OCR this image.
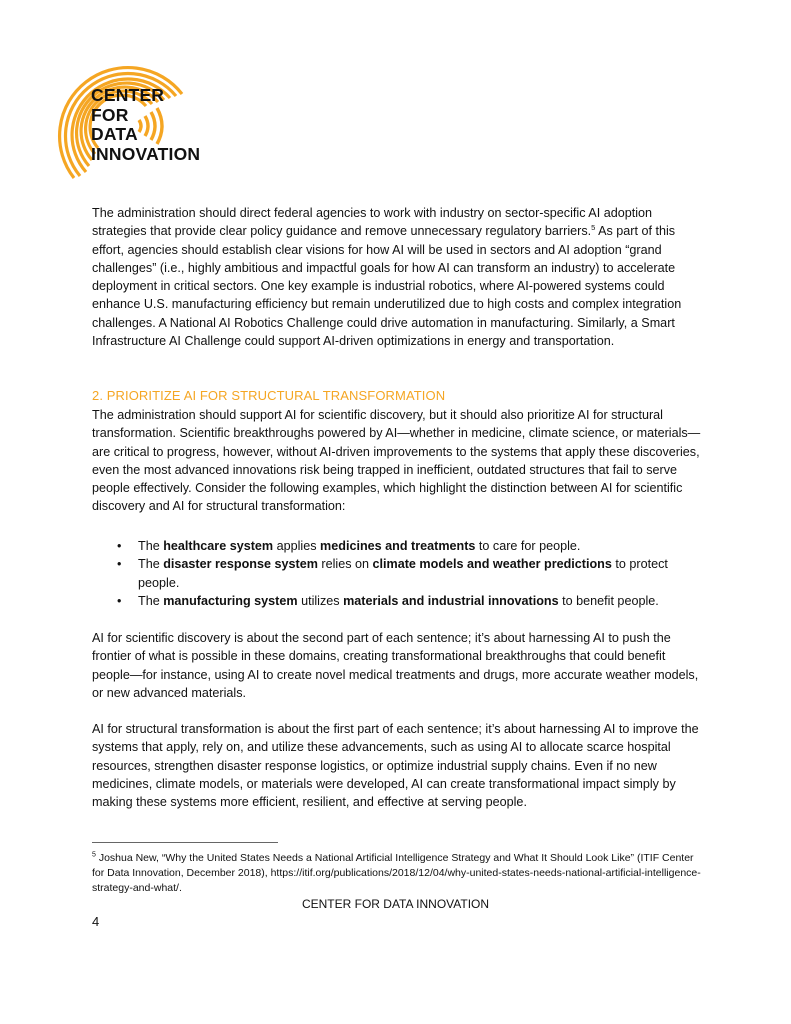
CENTER
FOR
DATA
INNOVATION
The administration should direct federal agencies to work with industry on sector-specific AI adoption strategies that provide clear policy guidance and remove unnecessary regulatory barriers.$^5$ As part of this effort, agencies should establish clear visions for how AI will be used in sectors and AI adoption “grand challenges” (i.e., highly ambitious and impactful goals for how AI can transform an industry) to accelerate deployment in critical sectors. One key example is industrial robotics, where AI-powered systems could enhance U.S. manufacturing efficiency but remain underutilized due to high costs and complex integration challenges. A National AI Robotics Challenge could drive automation in manufacturing. Similarly, a Smart Infrastructure AI Challenge could support AI-driven optimizations in energy and transportation.
2. PRIORITIZE AI FOR STRUCTURAL TRANSFORMATION
The administration should support AI for scientific discovery, but it should also prioritize AI for structural transformation. Scientific breakthroughs powered by AI—whether in medicine, climate science, or materials—are critical to progress, however, without AI-driven improvements to the systems that apply these discoveries, even the most advanced innovations risk being trapped in inefficient, outdated structures that fail to serve people effectively. Consider the following examples, which highlight the distinction between AI for scientific discovery and AI for structural transformation:
• The healthcare system applies medicines and treatments to care for people.
• The disaster response system relies on climate models and weather predictions to protect people.
• The manufacturing system utilizes materials and industrial innovations to benefit people.
AI for scientific discovery is about the second part of each sentence; it’s about harnessing AI to push the frontier of what is possible in these domains, creating transformational breakthroughs that could benefit people—for instance, using AI to create novel medical treatments and drugs, more accurate weather models, or new advanced materials.
AI for structural transformation is about the first part of each sentence; it’s about harnessing AI to improve the systems that apply, rely on, and utilize these advancements, such as using AI to allocate scarce hospital resources, strengthen disaster response logistics, or optimize industrial supply chains. Even if no new medicines, climate models, or materials were developed, AI can create transformational impact simply by making these systems more efficient, resilient, and effective at serving people.
$^5$ Joshua New, “Why the United States Needs a National Artificial Intelligence Strategy and What It Should Look Like” (ITIF Center for Data Innovation, December 2018), https://itif.org/publications/2018/12/04/why-united-states-needs-national-artificial-intelligence-strategy-and-what/.
CENTER FOR DATA INNOVATION
4
